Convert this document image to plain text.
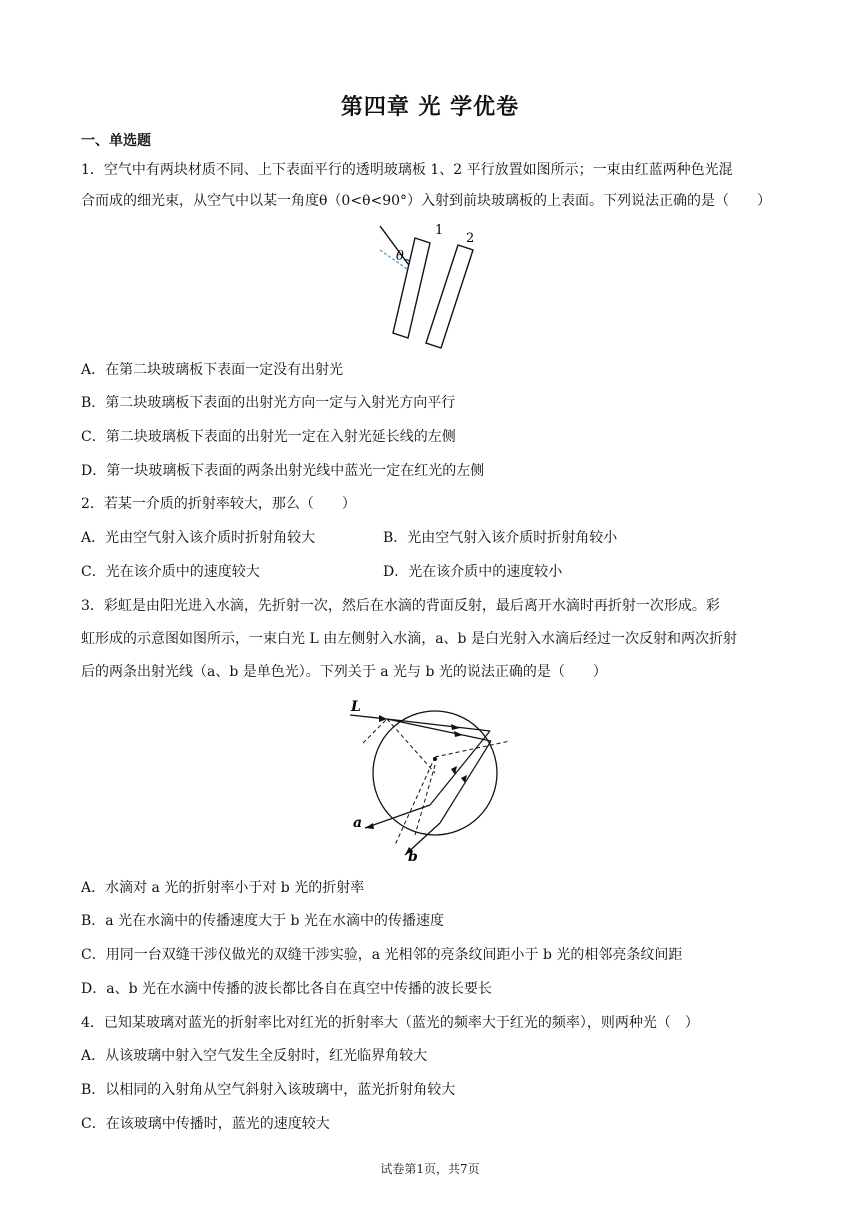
第四章 光 学优卷
一、单选题
1．空气中有两块材质不同、上下表面平行的透明玻璃板 1、2 平行放置如图所示；一束由红蓝两种色光混
合而成的细光束，从空气中以某一角度θ（0<θ<90°）入射到前块玻璃板的上表面。下列说法正确的是（　　）
θ
1
2
A．在第二块玻璃板下表面一定没有出射光
B．第二块玻璃板下表面的出射光方向一定与入射光方向平行
C．第二块玻璃板下表面的出射光一定在入射光延长线的左侧
D．第一块玻璃板下表面的两条出射光线中蓝光一定在红光的左侧
2．若某一介质的折射率较大，那么（　　）
A．光由空气射入该介质时折射角较大	B．光由空气射入该介质时折射角较小
C．光在该介质中的速度较大	D．光在该介质中的速度较小
3．彩虹是由阳光进入水滴，先折射一次，然后在水滴的背面反射，最后离开水滴时再折射一次形成。彩
虹形成的示意图如图所示，一束白光 L 由左侧射入水滴，a、b 是白光射入水滴后经过一次反射和两次折射
后的两条出射光线（a、b 是单色光）。下列关于 a 光与 b 光的说法正确的是（　　）
L
a
b
A．水滴对 a 光的折射率小于对 b 光的折射率
B．a 光在水滴中的传播速度大于 b 光在水滴中的传播速度
C．用同一台双缝干涉仪做光的双缝干涉实验，a 光相邻的亮条纹间距小于 b 光的相邻亮条纹间距
D．a、b 光在水滴中传播的波长都比各自在真空中传播的波长要长
4．已知某玻璃对蓝光的折射率比对红光的折射率大（蓝光的频率大于红光的频率），则两种光（　）
A．从该玻璃中射入空气发生全反射时，红光临界角较大
B．以相同的入射角从空气斜射入该玻璃中，蓝光折射角较大
C．在该玻璃中传播时，蓝光的速度较大
试卷第1页，共7页
